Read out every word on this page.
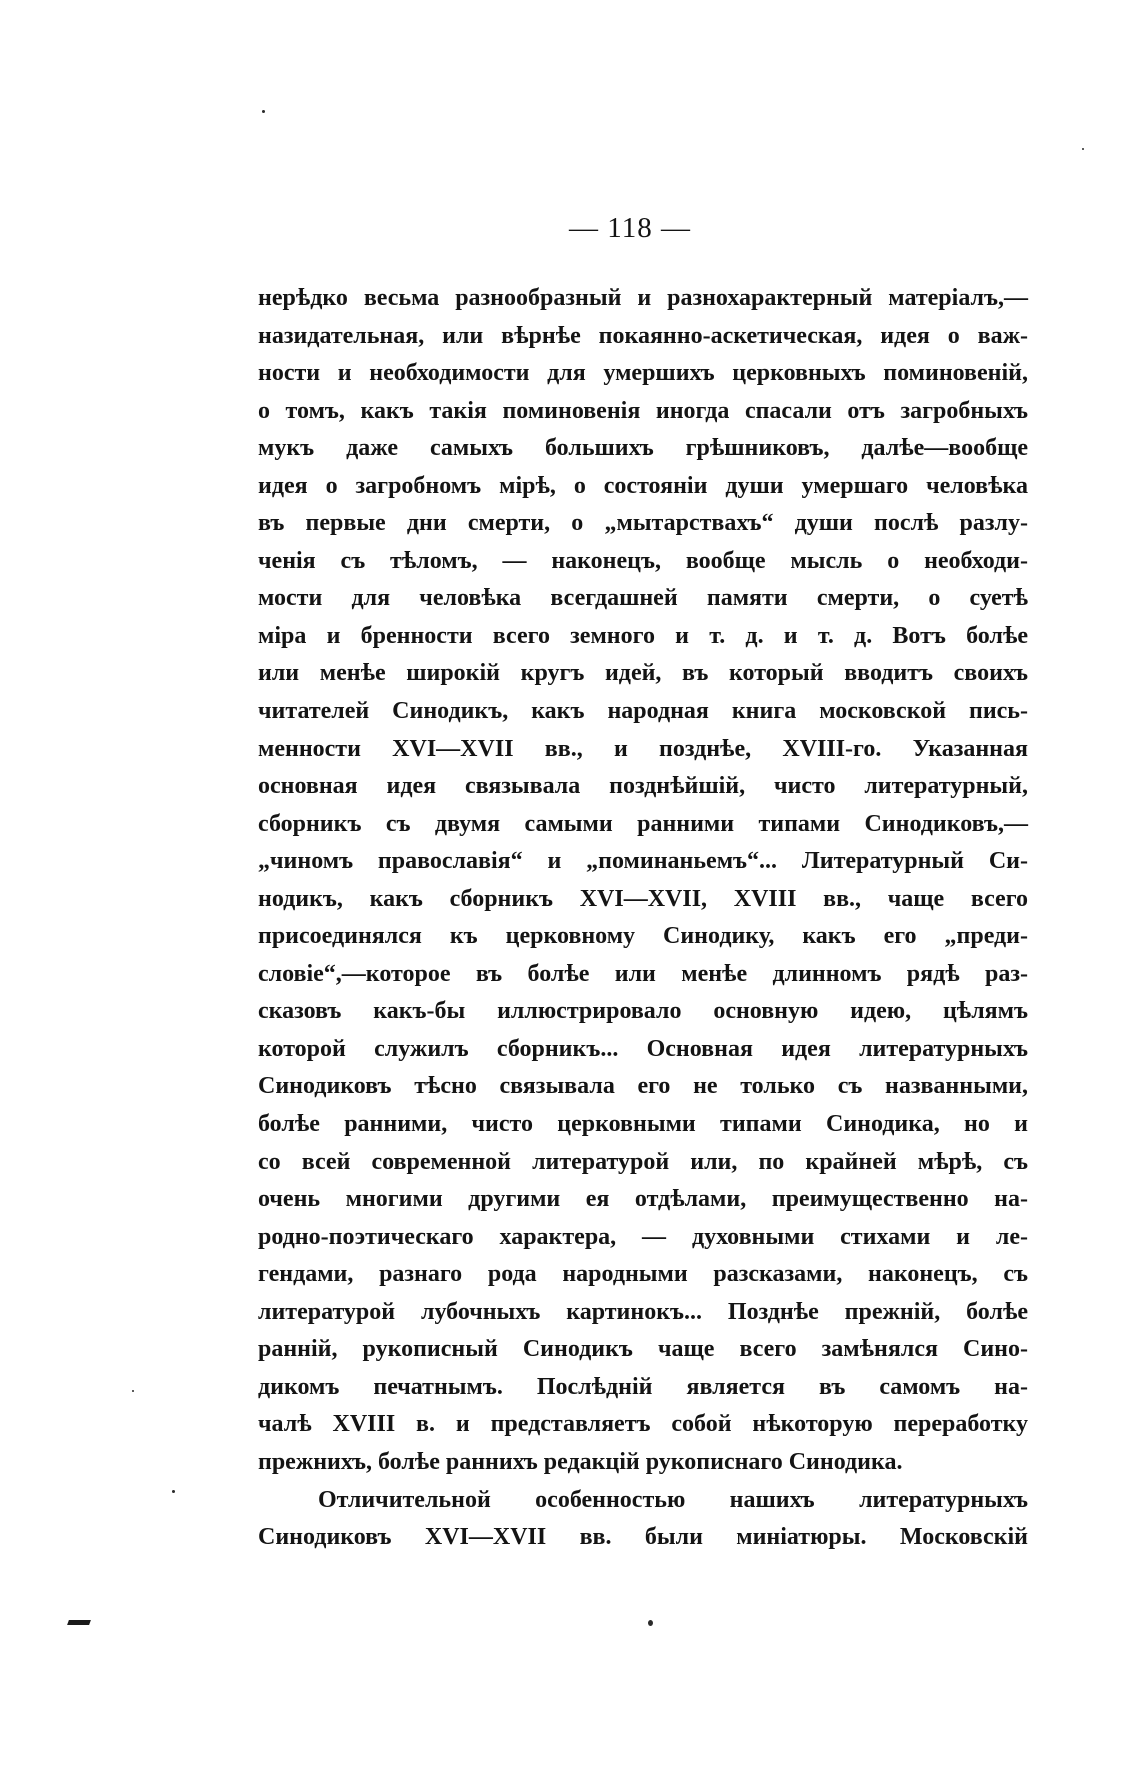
— 118 —
нерѣдко весьма разнообразный и разнохарактерный матеріалъ,—
назидательная, или вѣрнѣе покаянно-аскетическая, идея о важ-
ности и необходимости для умершихъ церковныхъ поминовеній,
о томъ, какъ такія поминовенія иногда спасали отъ загробныхъ
мукъ даже самыхъ большихъ грѣшниковъ, далѣе—вообще
идея о загробномъ мірѣ, о состояніи души умершаго человѣка
въ первые дни смерти, о „мытарствахъ“ души послѣ разлу-
ченія съ тѣломъ, — наконецъ, вообще мысль о необходи-
мости для человѣка всегдашней памяти смерти, о суетѣ
міра и бренности всего земного и т. д. и т. д. Вотъ болѣе
или менѣе широкій кругъ идей, въ который вводитъ своихъ
читателей Синодикъ, какъ народная книга московской пись-
менности XVI—XVII вв., и позднѣе, XVIII-го. Указанная
основная идея связывала позднѣйшій, чисто литературный,
сборникъ съ двумя самыми ранними типами Синодиковъ,—
„чиномъ православія“ и „поминаньемъ“... Литературный Си-
нодикъ, какъ сборникъ XVI—XVII, XVIII вв., чаще всего
присоединялся къ церковному Синодику, какъ его „преди-
словіе“,—которое въ болѣе или менѣе длинномъ рядѣ раз-
сказовъ какъ-бы иллюстрировало основную идею, цѣлямъ
которой служилъ сборникъ... Основная идея литературныхъ
Синодиковъ тѣсно связывала его не только съ названными,
болѣе ранними, чисто церковными типами Синодика, но и
со всей современной литературой или, по крайней мѣрѣ, съ
очень многими другими ея отдѣлами, преимущественно на-
родно-поэтическаго характера, — духовными стихами и ле-
гендами, разнаго рода народными разсказами, наконецъ, съ
литературой лубочныхъ картинокъ... Позднѣе прежній, болѣе
ранній, рукописный Синодикъ чаще всего замѣнялся Сино-
дикомъ печатнымъ. Послѣдній является въ самомъ на-
чалѣ XVIII в. и представляетъ собой нѣкоторую переработку
прежнихъ, болѣе раннихъ редакцій рукописнаго Синодика.
Отличительной особенностью нашихъ литературныхъ
Синодиковъ XVI—XVII вв. были миніатюры. Московскій
